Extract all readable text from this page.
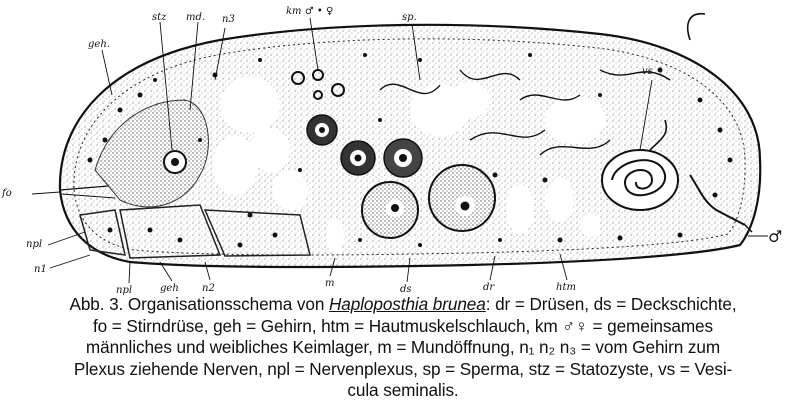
stz md. n3
km ♂ • ♀
sp.
geh.
vs
fo
npl
n1
npl	geh n2	m
ds	dr	htm
♂
Abb. 3. Organisationsschema von Haploposthia brunea: dr = Drüsen, ds = Deckschichte,
fo = Stirndrüse, geh = Gehirn, htm = Hautmuskelschlauch, km ♂♀ = gemeinsames
männliches und weibliches Keimlager, m = Mundöffnung, n₁ n₂ n₃ = vom Gehirn zum
Plexus ziehende Nerven, npl = Nervenplexus, sp = Sperma, stz = Statozyste, vs = Vesi-
cula seminalis.
